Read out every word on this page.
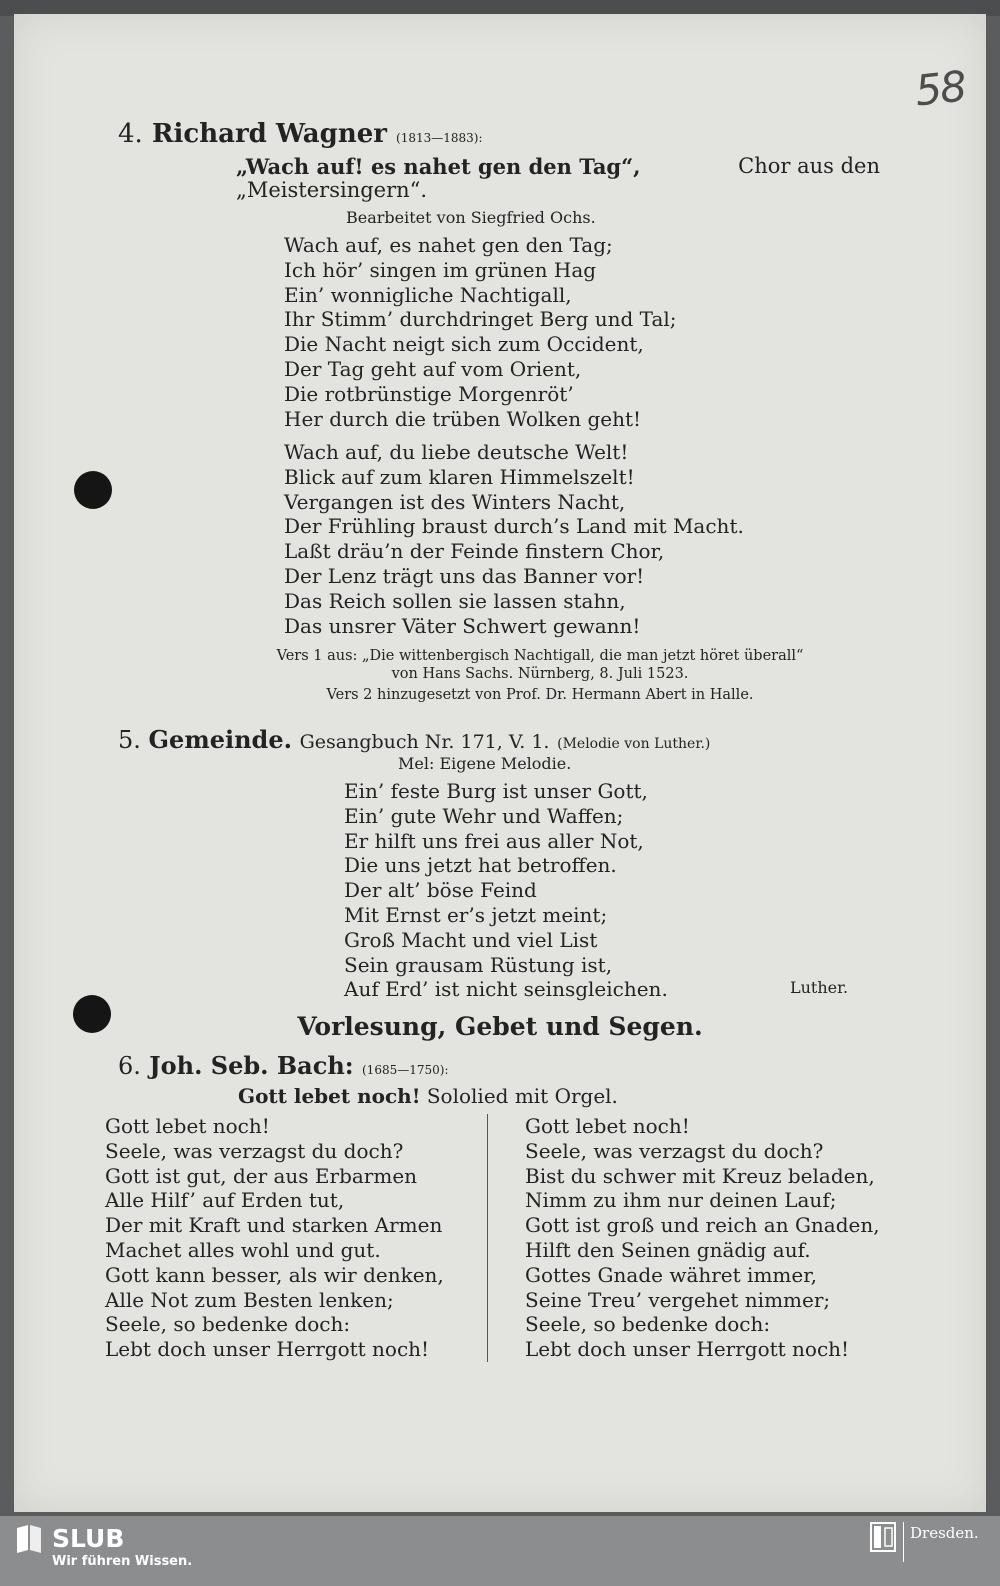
58
4. Richard Wagner (1813—1883):
„Wach auf! es nahet gen den Tag“,	Chor aus den
„Meistersingern“.
Bearbeitet von Siegfried Ochs.
Wach auf, es nahet gen den Tag;
Ich hör’ singen im grünen Hag
Ein’ wonnigliche Nachtigall,
Ihr Stimm’ durchdringet Berg und Tal;
Die Nacht neigt sich zum Occident,
Der Tag geht auf vom Orient,
Die rotbrünstige Morgenröt’
Her durch die trüben Wolken geht!
Wach auf, du liebe deutsche Welt!
Blick auf zum klaren Himmelszelt!
Vergangen ist des Winters Nacht,
Der Frühling braust durch’s Land mit Macht.
Laßt dräu’n der Feinde finstern Chor,
Der Lenz trägt uns das Banner vor!
Das Reich sollen sie lassen stahn,
Das unsrer Väter Schwert gewann!
Vers 1 aus: „Die wittenbergisch Nachtigall, die man jetzt höret überall“
von Hans Sachs. Nürnberg, 8. Juli 1523.
Vers 2 hinzugesetzt von Prof. Dr. Hermann Abert in Halle.
5. Gemeinde. Gesangbuch Nr. 171, V. 1. (Melodie von Luther.)
Mel: Eigene Melodie.
Ein’ feste Burg ist unser Gott,
Ein’ gute Wehr und Waffen;
Er hilft uns frei aus aller Not,
Die uns jetzt hat betroffen.
Der alt’ böse Feind
Mit Ernst er’s jetzt meint;
Groß Macht und viel List
Sein grausam Rüstung ist,
Auf Erd’ ist nicht seinsgleichen.	Luther.
Vorlesung, Gebet und Segen.
6. Joh. Seb. Bach: (1685—1750):
Gott lebet noch! Sololied mit Orgel.
Gott lebet noch!
Seele, was verzagst du doch?
Gott ist gut, der aus Erbarmen
Alle Hilf’ auf Erden tut,
Der mit Kraft und starken Armen
Machet alles wohl und gut.
Gott kann besser, als wir denken,
Alle Not zum Besten lenken;
Seele, so bedenke doch:
Lebt doch unser Herrgott noch!
Gott lebet noch!
Seele, was verzagst du doch?
Bist du schwer mit Kreuz beladen,
Nimm zu ihm nur deinen Lauf;
Gott ist groß und reich an Gnaden,
Hilft den Seinen gnädig auf.
Gottes Gnade währet immer,
Seine Treu’ vergehet nimmer;
Seele, so bedenke doch:
Lebt doch unser Herrgott noch!
SLUB
Wir führen Wissen.
Dresden.
